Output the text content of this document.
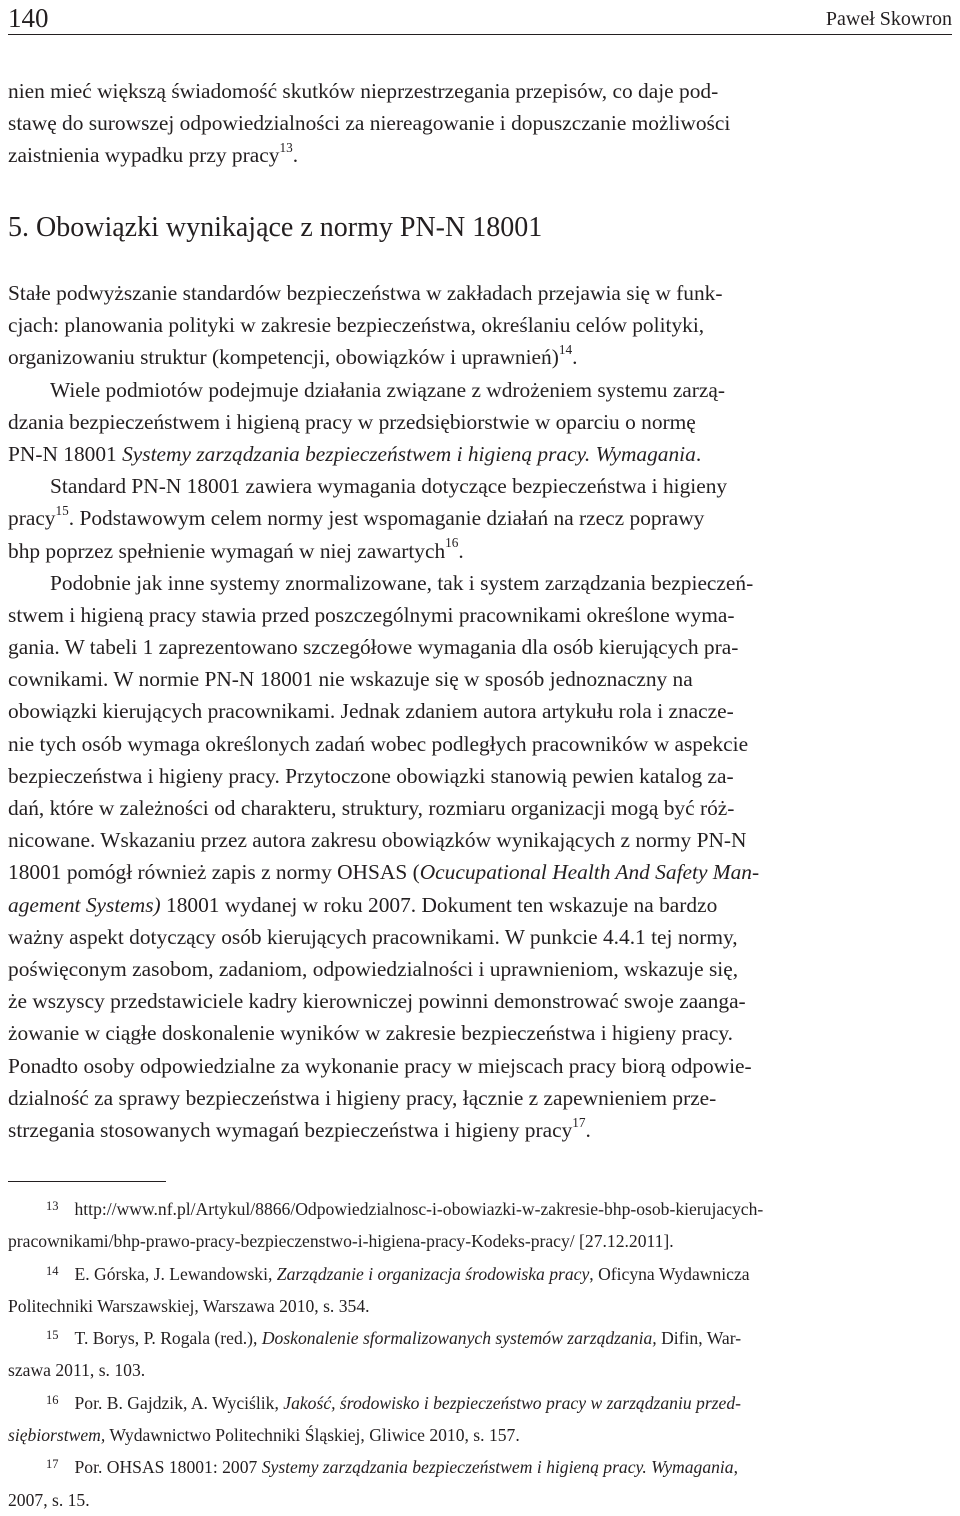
140	Paweł Skowron
nien mieć większą świadomość skutków nieprzestrzegania przepisów, co daje pod-
stawę do surowszej odpowiedzialności za niereagowanie i dopuszczanie możliwości
zaistnienia wypadku przy pracy$^{13}$.
5. Obowiązki wynikające z normy PN-N 18001
Stałe podwyższanie standardów bezpieczeństwa w zakładach przejawia się w funk-
cjach: planowania polityki w zakresie bezpieczeństwa, określaniu celów polityki,
organizowaniu struktur (kompetencji, obowiązków i uprawnień)$^{14}$.
Wiele podmiotów podejmuje działania związane z wdrożeniem systemu zarzą-
dzania bezpieczeństwem i higieną pracy w przedsiębiorstwie w oparciu o normę
PN-N 18001 Systemy zarządzania bezpieczeństwem i higieną pracy. Wymagania.
Standard PN-N 18001 zawiera wymagania dotyczące bezpieczeństwa i higieny
pracy$^{15}$. Podstawowym celem normy jest wspomaganie działań na rzecz poprawy
bhp poprzez spełnienie wymagań w niej zawartych$^{16}$.
Podobnie jak inne systemy znormalizowane, tak i system zarządzania bezpieczeń-
stwem i higieną pracy stawia przed poszczególnymi pracownikami określone wyma-
gania. W tabeli 1 zaprezentowano szczegółowe wymagania dla osób kierujących pra-
cownikami. W normie PN-N 18001 nie wskazuje się w sposób jednoznaczny na
obowiązki kierujących pracownikami. Jednak zdaniem autora artykułu rola i znacze-
nie tych osób wymaga określonych zadań wobec podległych pracowników w aspekcie
bezpieczeństwa i higieny pracy. Przytoczone obowiązki stanowią pewien katalog za-
dań, które w zależności od charakteru, struktury, rozmiaru organizacji mogą być róż-
nicowane. Wskazaniu przez autora zakresu obowiązków wynikających z normy PN-N
18001 pomógł również zapis z normy OHSAS (Ocucupational Health And Safety Man-
agement Systems) 18001 wydanej w roku 2007. Dokument ten wskazuje na bardzo
ważny aspekt dotyczący osób kierujących pracownikami. W punkcie 4.4.1 tej normy,
poświęconym zasobom, zadaniom, odpowiedzialności i uprawnieniom, wskazuje się,
że wszyscy przedstawiciele kadry kierowniczej powinni demonstrować swoje zaanga-
żowanie w ciągłe doskonalenie wyników w zakresie bezpieczeństwa i higieny pracy.
Ponadto osoby odpowiedzialne za wykonanie pracy w miejscach pracy biorą odpowie-
dzialność za sprawy bezpieczeństwa i higieny pracy, łącznie z zapewnieniem prze-
strzegania stosowanych wymagań bezpieczeństwa i higieny pracy$^{17}$.
$^{13}$ http://www.nf.pl/Artykul/8866/Odpowiedzialnosc-i-obowiazki-w-zakresie-bhp-osob-kierujacych-
pracownikami/bhp-prawo-pracy-bezpieczenstwo-i-higiena-pracy-Kodeks-pracy/ [27.12.2011].
$^{14}$ E. Górska, J. Lewandowski, Zarządzanie i organizacja środowiska pracy, Oficyna Wydawnicza
Politechniki Warszawskiej, Warszawa 2010, s. 354.
$^{15}$ T. Borys, P. Rogala (red.), Doskonalenie sformalizowanych systemów zarządzania, Difin, War-
szawa 2011, s. 103.
$^{16}$ Por. B. Gajdzik, A. Wyciślik, Jakość, środowisko i bezpieczeństwo pracy w zarządzaniu przed-
siębiorstwem, Wydawnictwo Politechniki Śląskiej, Gliwice 2010, s. 157.
$^{17}$ Por. OHSAS 18001: 2007 Systemy zarządzania bezpieczeństwem i higieną pracy. Wymagania,
2007, s. 15.
